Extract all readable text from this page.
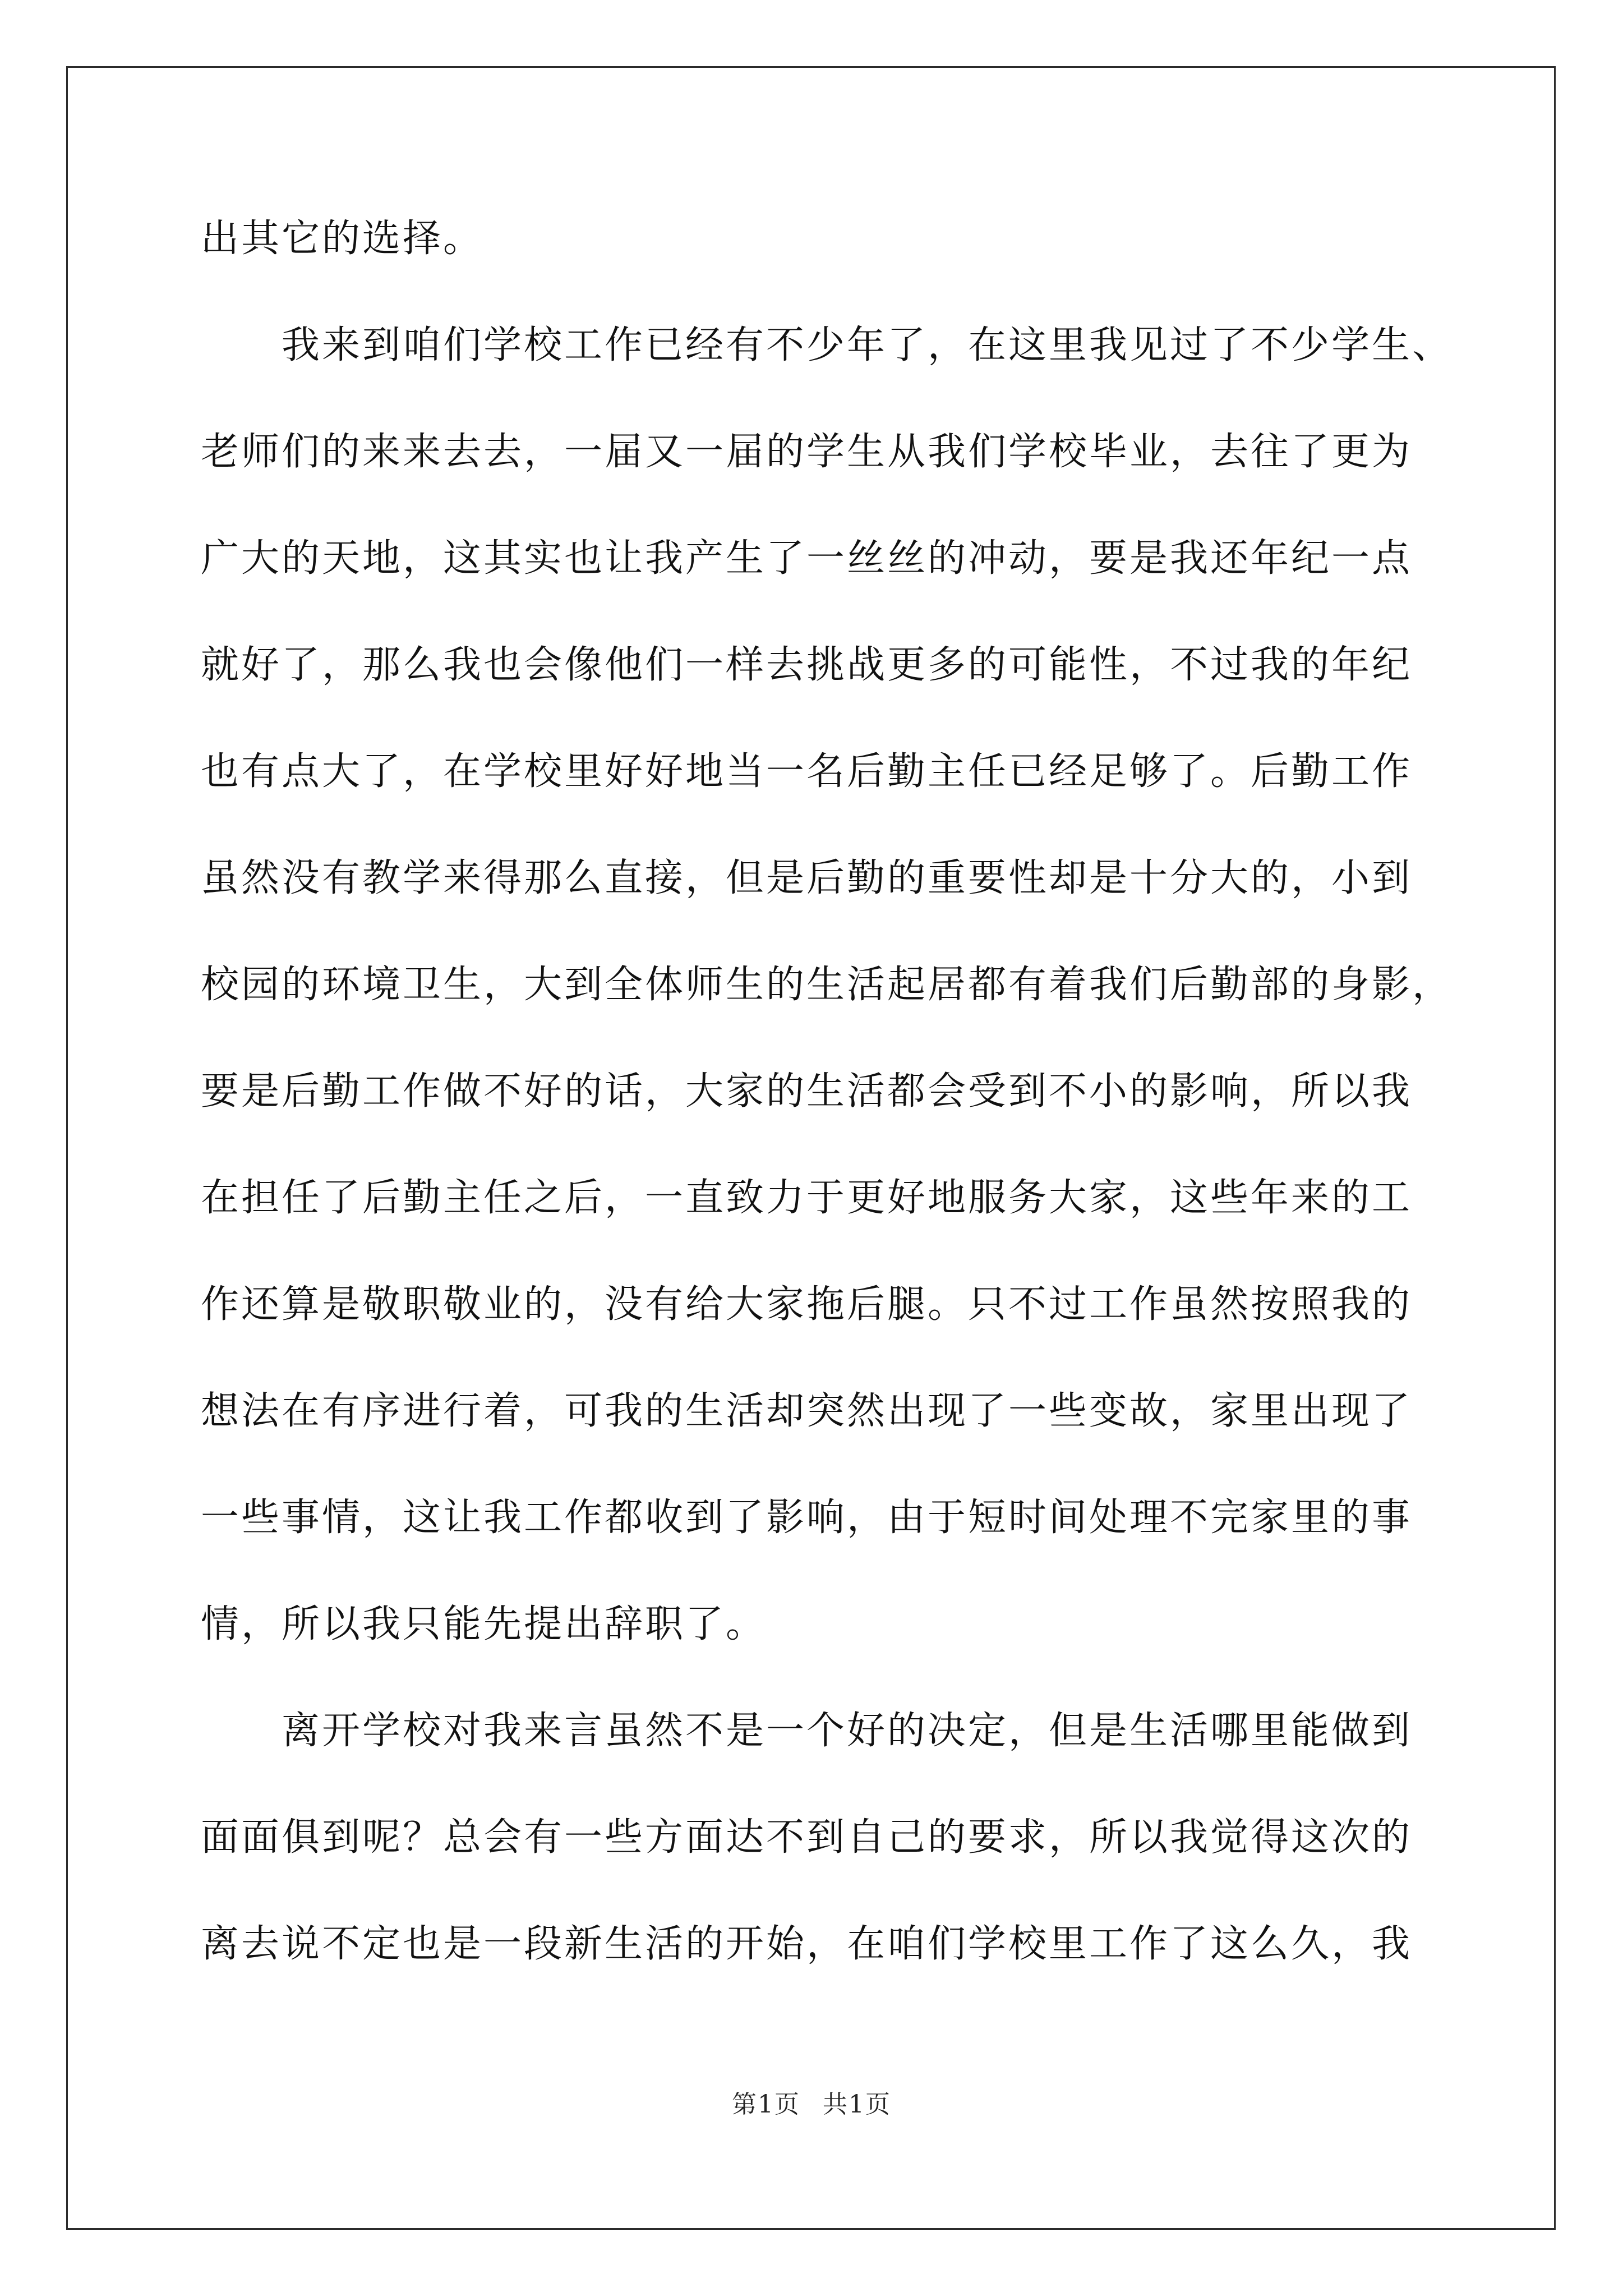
出其它的选择。
我来到咱们学校工作已经有不少年了，在这里我见过了不少学生、
老师们的来来去去，一届又一届的学生从我们学校毕业，去往了更为
广大的天地，这其实也让我产生了一丝丝的冲动，要是我还年纪一点
就好了，那么我也会像他们一样去挑战更多的可能性，不过我的年纪
也有点大了，在学校里好好地当一名后勤主任已经足够了。后勤工作
虽然没有教学来得那么直接，但是后勤的重要性却是十分大的，小到
校园的环境卫生，大到全体师生的生活起居都有着我们后勤部的身影，
要是后勤工作做不好的话，大家的生活都会受到不小的影响，所以我
在担任了后勤主任之后，一直致力于更好地服务大家，这些年来的工
作还算是敬职敬业的，没有给大家拖后腿。只不过工作虽然按照我的
想法在有序进行着，可我的生活却突然出现了一些变故，家里出现了
一些事情，这让我工作都收到了影响，由于短时间处理不完家里的事
情，所以我只能先提出辞职了。
离开学校对我来言虽然不是一个好的决定，但是生活哪里能做到
面面俱到呢？总会有一些方面达不到自己的要求，所以我觉得这次的
离去说不定也是一段新生活的开始，在咱们学校里工作了这么久，我
第1页 共1页
